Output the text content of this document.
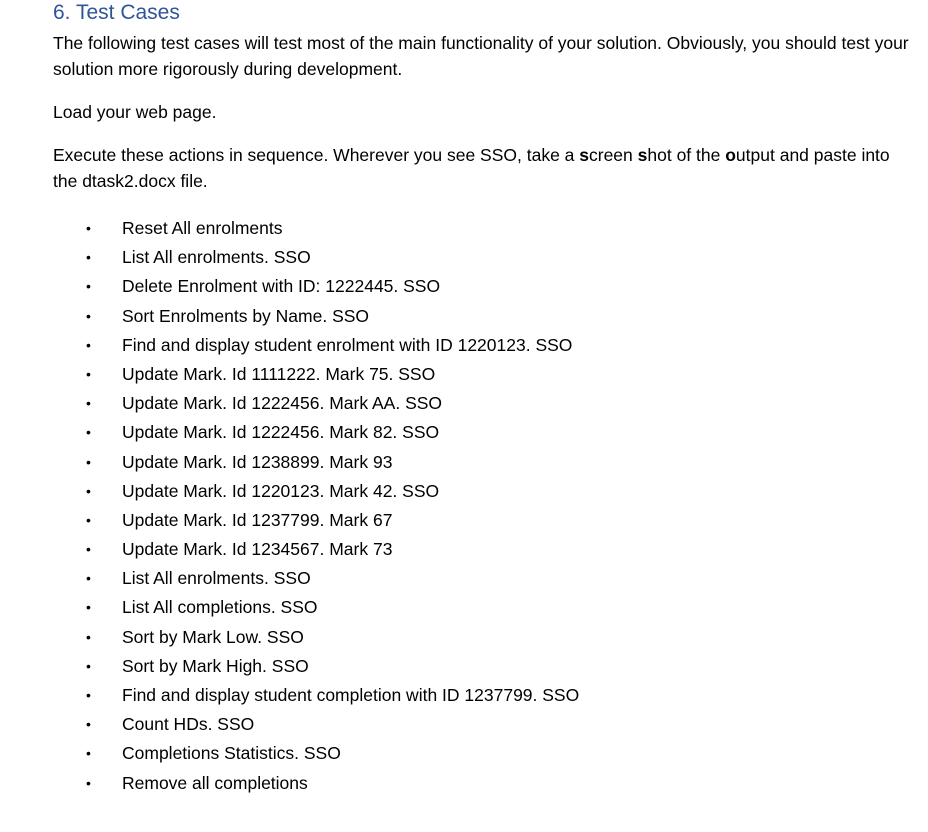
6. Test Cases

The following test cases will test most of the main functionality of your solution. Obviously, you should test your solution more rigorously during development.

Load your web page.

Execute these actions in sequence. Wherever you see SSO, take a screen shot of the output and paste into the dtask2.docx file.

• Reset All enrolments
• List All enrolments. SSO
• Delete Enrolment with ID: 1222445. SSO
• Sort Enrolments by Name. SSO
• Find and display student enrolment with ID 1220123. SSO
• Update Mark. Id 1111222. Mark 75. SSO
• Update Mark. Id 1222456. Mark AA. SSO
• Update Mark. Id 1222456. Mark 82. SSO
• Update Mark. Id 1238899. Mark 93
• Update Mark. Id 1220123. Mark 42. SSO
• Update Mark. Id 1237799. Mark 67
• Update Mark. Id 1234567. Mark 73
• List All enrolments. SSO
• List All completions. SSO
• Sort by Mark Low. SSO
• Sort by Mark High. SSO
• Find and display student completion with ID 1237799. SSO
• Count HDs. SSO
• Completions Statistics. SSO
• Remove all completions
